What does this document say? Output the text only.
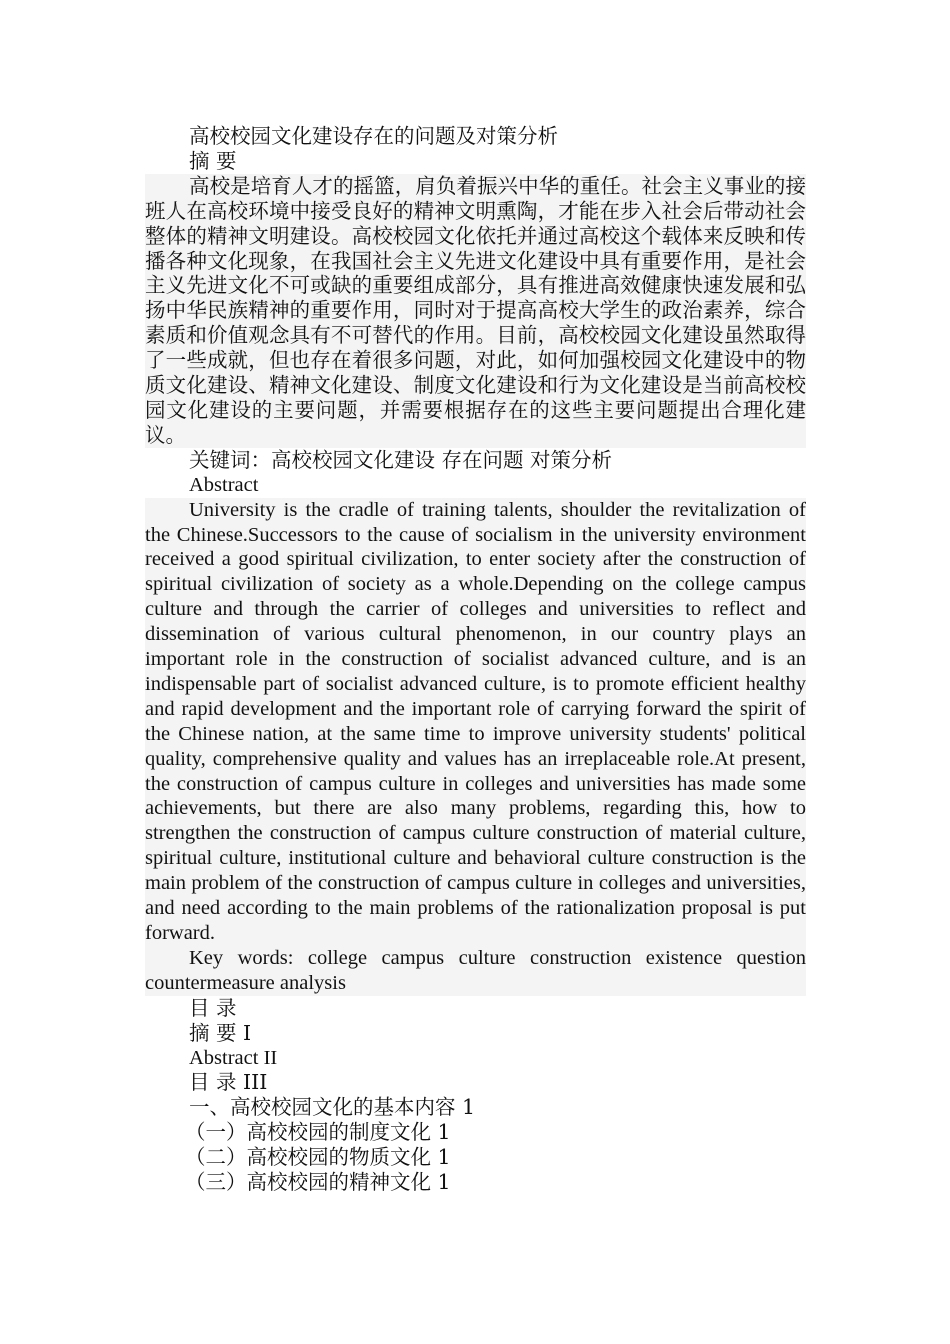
高校校园文化建设存在的问题及对策分析
摘 要

高校是培育人才的摇篮，肩负着振兴中华的重任。社会主义事业的接班人在高校环境中接受良好的精神文明熏陶，才能在步入社会后带动社会整体的精神文明建设。高校校园文化依托并通过高校这个载体来反映和传播各种文化现象，在我国社会主义先进文化建设中具有重要作用，是社会主义先进文化不可或缺的重要组成部分，具有推进高效健康快速发展和弘扬中华民族精神的重要作用，同时对于提高高校大学生的政治素养，综合素质和价值观念具有不可替代的作用。目前，高校校园文化建设虽然取得了一些成就，但也存在着很多问题，对此，如何加强校园文化建设中的物质文化建设、精神文化建设、制度文化建设和行为文化建设是当前高校校园文化建设的主要问题，并需要根据存在的这些主要问题提出合理化建议。

关键词：高校校园文化建设 存在问题 对策分析
Abstract

University is the cradle of training talents, shoulder the revitalization of the Chinese.Successors to the cause of socialism in the university environment received a good spiritual civilization, to enter society after the construction of spiritual civilization of society as a whole.Depending on the college campus culture and through the carrier of colleges and universities to reflect and dissemination of various cultural phenomenon, in our country plays an important role in the construction of socialist advanced culture, and is an indispensable part of socialist advanced culture, is to promote efficient healthy and rapid development and the important role of carrying forward the spirit of the Chinese nation, at the same time to improve university students' political quality, comprehensive quality and values has an irreplaceable role.At present, the construction of campus culture in colleges and universities has made some achievements, but there are also many problems, regarding this, how to strengthen the construction of campus culture construction of material culture, spiritual culture, institutional culture and behavioral culture construction is the main problem of the construction of campus culture in colleges and universities, and need according to the main problems of the rationalization proposal is put forward.

Key words: college campus culture construction existence question countermeasure analysis

目 录
摘 要 I
Abstract II
目 录 III
一、高校校园文化的基本内容 1
（一）高校校园的制度文化 1
（二）高校校园的物质文化 1
（三）高校校园的精神文化 1
